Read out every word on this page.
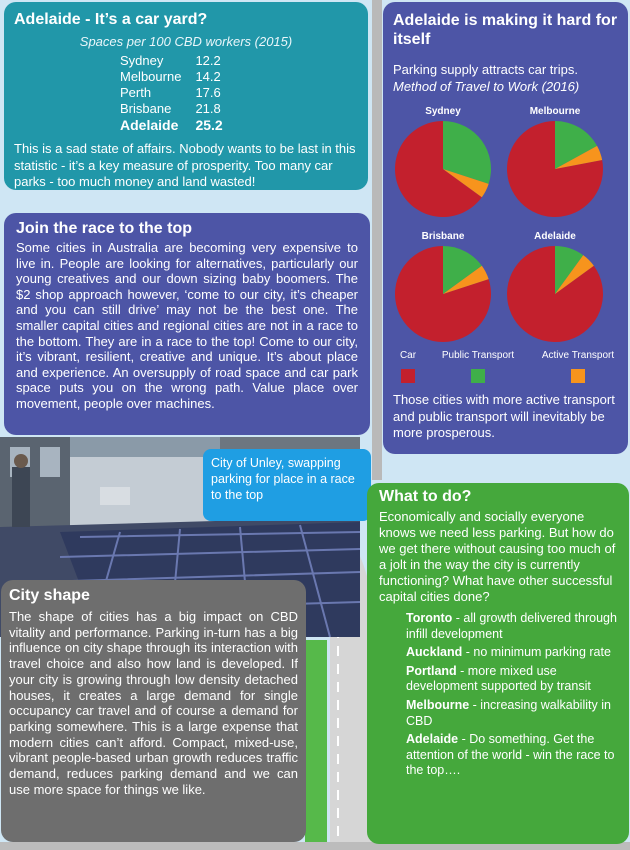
Adelaide - It’s a car yard?
Spaces per 100 CBD workers (2015)
Sydney	12.2
Melbourne	14.2
Perth	17.6
Brisbane	21.8
Adelaide	25.2
This is a sad state of affairs. Nobody wants to be last in this statistic - it’s a key measure of prosperity. Too many car parks - too much money and land wasted!
Adelaide is making it hard for itself
Parking supply attracts car trips.
Method of Travel to Work (2016)
Sydney	Melbourne
Brisbane	Adelaide
Car	Public Transport	Active Transport
Those cities with more active transport and public transport will inevitably be more prosperous.
Join the race to the top
Some cities in Australia are becoming very expensive to live in. People are looking for alternatives, particularly our young creatives and our down sizing baby boomers. The $2 shop approach however, ‘come to our city, it’s cheaper and you can still drive’ may not be the best one. The smaller capital cities and regional cities are not in a race to the bottom. They are in a race to the top! Come to our city, it’s vibrant, resilient, creative and unique. It’s about place and experience. An oversupply of road space and car park space puts you on the wrong path. Value place over movement, people over machines.
City of Unley, swapping parking for place in a race to the top
City shape
The shape of cities has a big impact on CBD vitality and performance. Parking in-turn has a big influence on city shape through its interaction with travel choice and also how land is developed. If your city is growing through low density detached houses, it creates a large demand for single occupancy car travel and of course a demand for parking somewhere. This is a large expense that modern cities can’t afford. Compact, mixed-use, vibrant people-based urban growth reduces traffic demand, reduces parking demand and we can use more space for things we like.
What to do?
Economically and socially everyone knows we need less parking. But how do we get there without causing too much of a jolt in the way the city is currently functioning? What have other successful capital cities done?
Toronto - all growth delivered through infill development
Auckland - no minimum parking rate
Portland - more mixed use development supported by transit
Melbourne - increasing walkability in CBD
Adelaide - Do something. Get the attention of the world - win the race to the top….
